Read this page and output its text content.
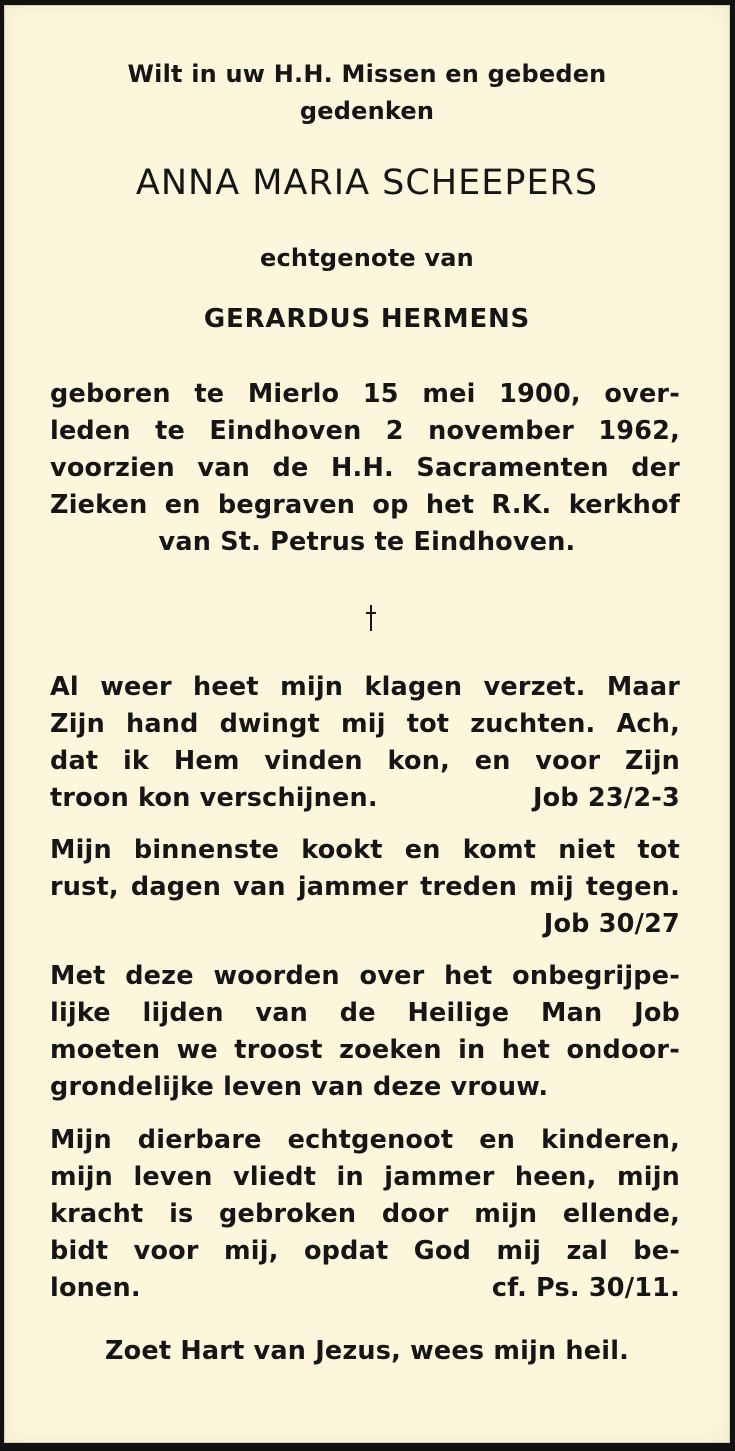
Wilt in uw H.H. Missen en gebeden
gedenken
ANNA MARIA SCHEEPERS
echtgenote van
GERARDUS HERMENS
geboren te Mierlo 15 mei 1900, over-
leden te Eindhoven 2 november 1962,
voorzien van de H.H. Sacramenten der
Zieken en begraven op het R.K. kerkhof
van St. Petrus te Eindhoven.
Al weer heet mijn klagen verzet. Maar
Zijn hand dwingt mij tot zuchten. Ach,
dat ik Hem vinden kon, en voor Zijn
troon kon verschijnen.	Job 23/2-3
Mijn binnenste kookt en komt niet tot
rust, dagen van jammer treden mij tegen.
Job 30/27
Met deze woorden over het onbegrijpe-
lijke lijden van de Heilige Man Job
moeten we troost zoeken in het ondoor-
grondelijke leven van deze vrouw.
Mijn dierbare echtgenoot en kinderen,
mijn leven vliedt in jammer heen, mijn
kracht is gebroken door mijn ellende,
bidt voor mij, opdat God mij zal be-
lonen.	cf. Ps. 30/11.
Zoet Hart van Jezus, wees mijn heil.
